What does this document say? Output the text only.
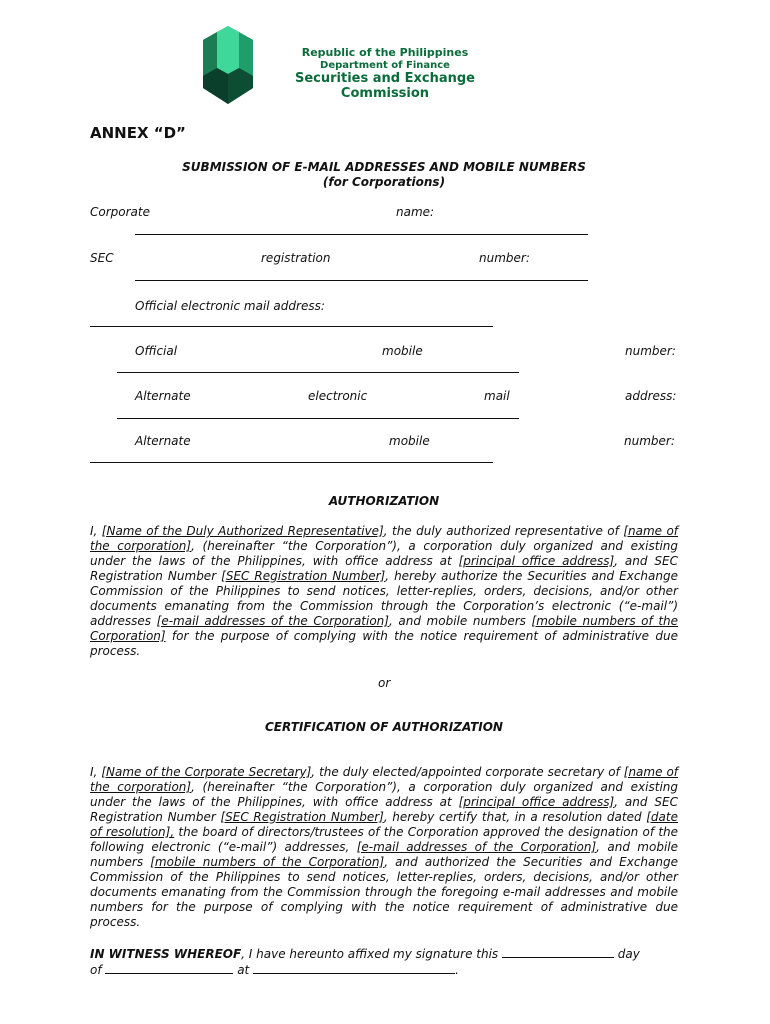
Republic of the Philippines
Department of Finance
Securities and Exchange Commission
ANNEX “D”
SUBMISSION OF E-MAIL ADDRESSES AND MOBILE NUMBERS
(for Corporations)
Corporate	name:
SEC	registration	number:
Official electronic mail address:
Official	mobile	number:
Alternate	electronic	mail	address:
Alternate	mobile	number:
AUTHORIZATION
I, [Name of the Duly Authorized Representative], the duly authorized representative of [name of the corporation], (hereinafter “the Corporation”), a corporation duly organized and existing under the laws of the Philippines, with office address at [principal office address], and SEC Registration Number [SEC Registration Number], hereby authorize the Securities and Exchange Commission of the Philippines to send notices, letter-replies, orders, decisions, and/or other documents emanating from the Commission through the Corporation’s electronic (“e-mail”) addresses [e-mail addresses of the Corporation], and mobile numbers [mobile numbers of the Corporation] for the purpose of complying with the notice requirement of administrative due process.
or
CERTIFICATION OF AUTHORIZATION
I, [Name of the Corporate Secretary], the duly elected/appointed corporate secretary of [name of the corporation], (hereinafter “the Corporation”), a corporation duly organized and existing under the laws of the Philippines, with office address at [principal office address], and SEC Registration Number [SEC Registration Number], hereby certify that, in a resolution dated [date of resolution], the board of directors/trustees of the Corporation approved the designation of the following electronic (“e-mail”) addresses, [e-mail addresses of the Corporation], and mobile numbers [mobile numbers of the Corporation], and authorized the Securities and Exchange Commission of the Philippines to send notices, letter-replies, orders, decisions, and/or other documents emanating from the Commission through the foregoing e-mail addresses and mobile numbers for the purpose of complying with the notice requirement of administrative due process.
IN WITNESS WHEREOF, I have hereunto affixed my signature this	day
of	at	.
